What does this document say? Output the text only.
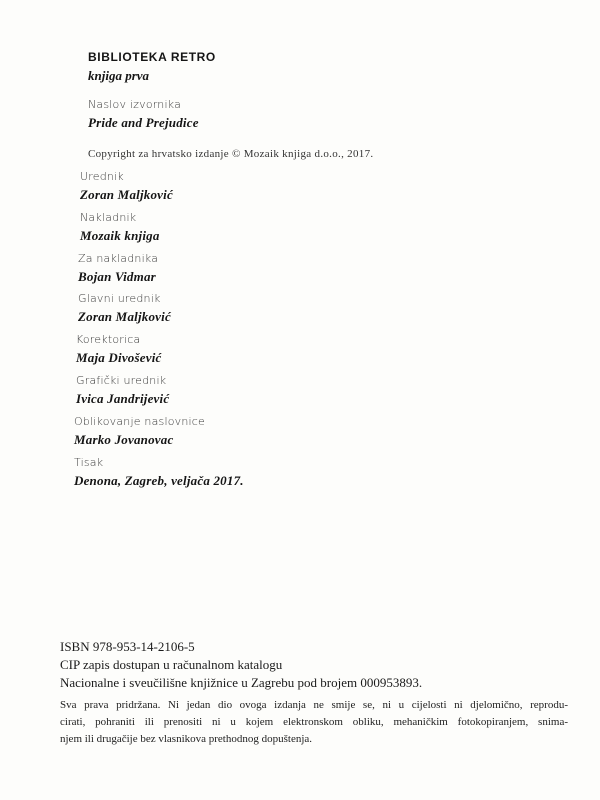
BIBLIOTEKA RETRO
knjiga prva
Naslov izvornika
Pride and Prejudice
Copyright za hrvatsko izdanje © Mozaik knjiga d.o.o., 2017.
Urednik
Zoran Maljković
Nakladnik
Mozaik knjiga
Za nakladnika
Bojan Vidmar
Glavni urednik
Zoran Maljković
Korektorica
Maja Divošević
Grafički urednik
Ivica Jandrijević
Oblikovanje naslovnice
Marko Jovanovac
Tisak
Denona, Zagreb, veljača 2017.
ISBN 978-953-14-2106-5
CIP zapis dostupan u računalnom katalogu
Nacionalne i sveučilišne knjižnice u Zagrebu pod brojem 000953893.
Sva prava pridržana. Ni jedan dio ovoga izdanja ne smije se, ni u cijelosti ni djelomično, reprodu-
cirati, pohraniti ili prenositi ni u kojem elektronskom obliku, mehaničkim fotokopiranjem, snima-
njem ili drugačije bez vlasnikova prethodnog dopuštenja.
